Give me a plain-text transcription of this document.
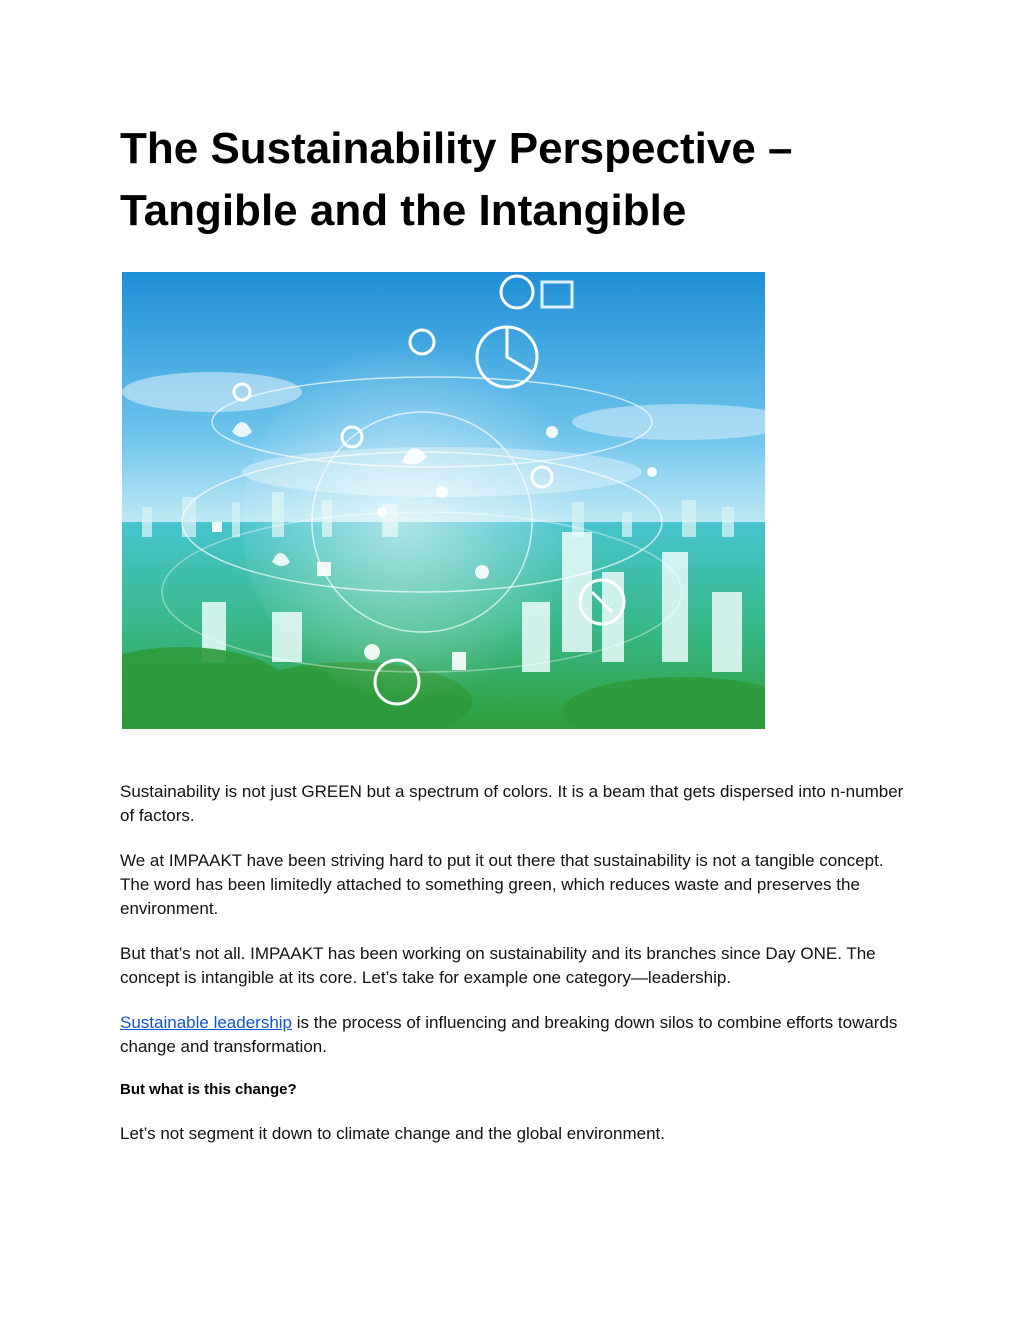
The Sustainability Perspective –
Tangible and the Intangible

Sustainability is not just GREEN but a spectrum of colors. It is a beam that gets dispersed into n-number of factors.

We at IMPAAKT have been striving hard to put it out there that sustainability is not a tangible concept. The word has been limitedly attached to something green, which reduces waste and preserves the environment.

But that’s not all. IMPAAKT has been working on sustainability and its branches since Day ONE. The concept is intangible at its core. Let’s take for example one category—leadership.

Sustainable leadership is the process of influencing and breaking down silos to combine efforts towards change and transformation.

But what is this change?

Let’s not segment it down to climate change and the global environment.
